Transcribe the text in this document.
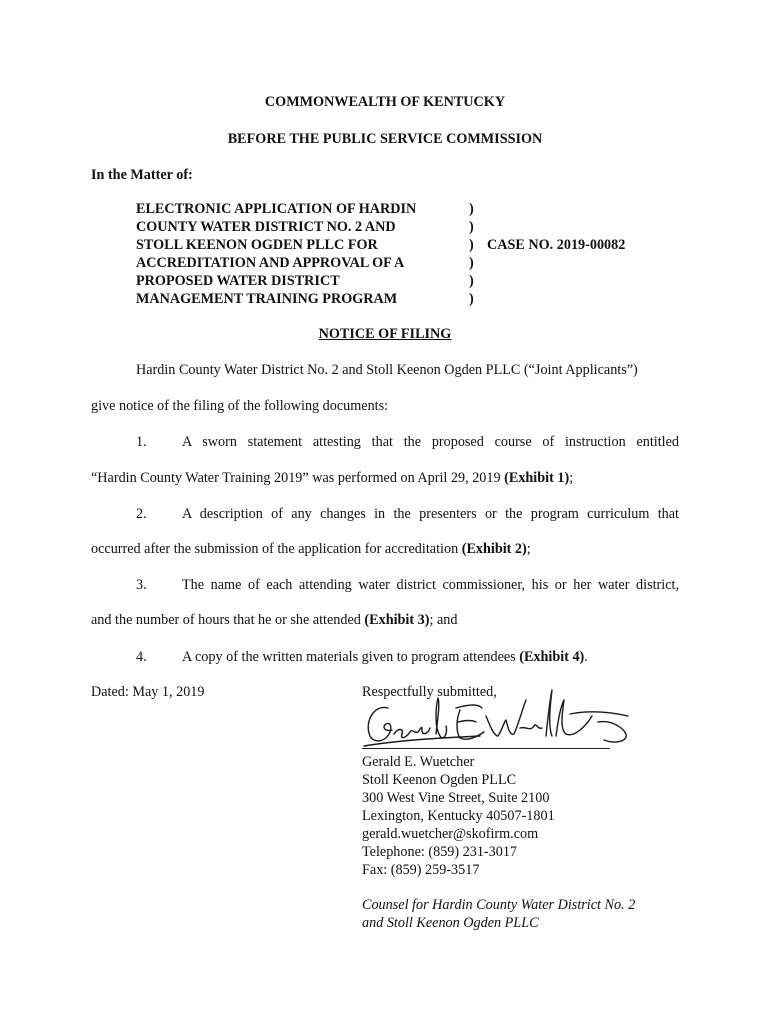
COMMONWEALTH OF KENTUCKY
BEFORE THE PUBLIC SERVICE COMMISSION
In the Matter of:
ELECTRONIC APPLICATION OF HARDIN
COUNTY WATER DISTRICT NO. 2 AND
STOLL KEENON OGDEN PLLC FOR
ACCREDITATION AND APPROVAL OF A
PROPOSED WATER DISTRICT
MANAGEMENT TRAINING PROGRAM
)
)
)
)
)
)
CASE NO. 2019-00082
NOTICE OF FILING
Hardin County Water District No. 2 and Stoll Keenon Ogden PLLC (“Joint Applicants”)
give notice of the filing of the following documents:
1. A sworn statement attesting that the proposed course of instruction entitled
“Hardin County Water Training 2019” was performed on April 29, 2019 (Exhibit 1);
2. A description of any changes in the presenters or the program curriculum that
occurred after the submission of the application for accreditation (Exhibit 2);
3. The name of each attending water district commissioner, his or her water district,
and the number of hours that he or she attended (Exhibit 3); and
4. A copy of the written materials given to program attendees (Exhibit 4).
Dated: May 1, 2019	Respectfully submitted,
Gerald E. Wuetcher
Stoll Keenon Ogden PLLC
300 West Vine Street, Suite 2100
Lexington, Kentucky 40507-1801
gerald.wuetcher@skofirm.com
Telephone: (859) 231-3017
Fax: (859) 259-3517
Counsel for Hardin County Water District No. 2
and Stoll Keenon Ogden PLLC
